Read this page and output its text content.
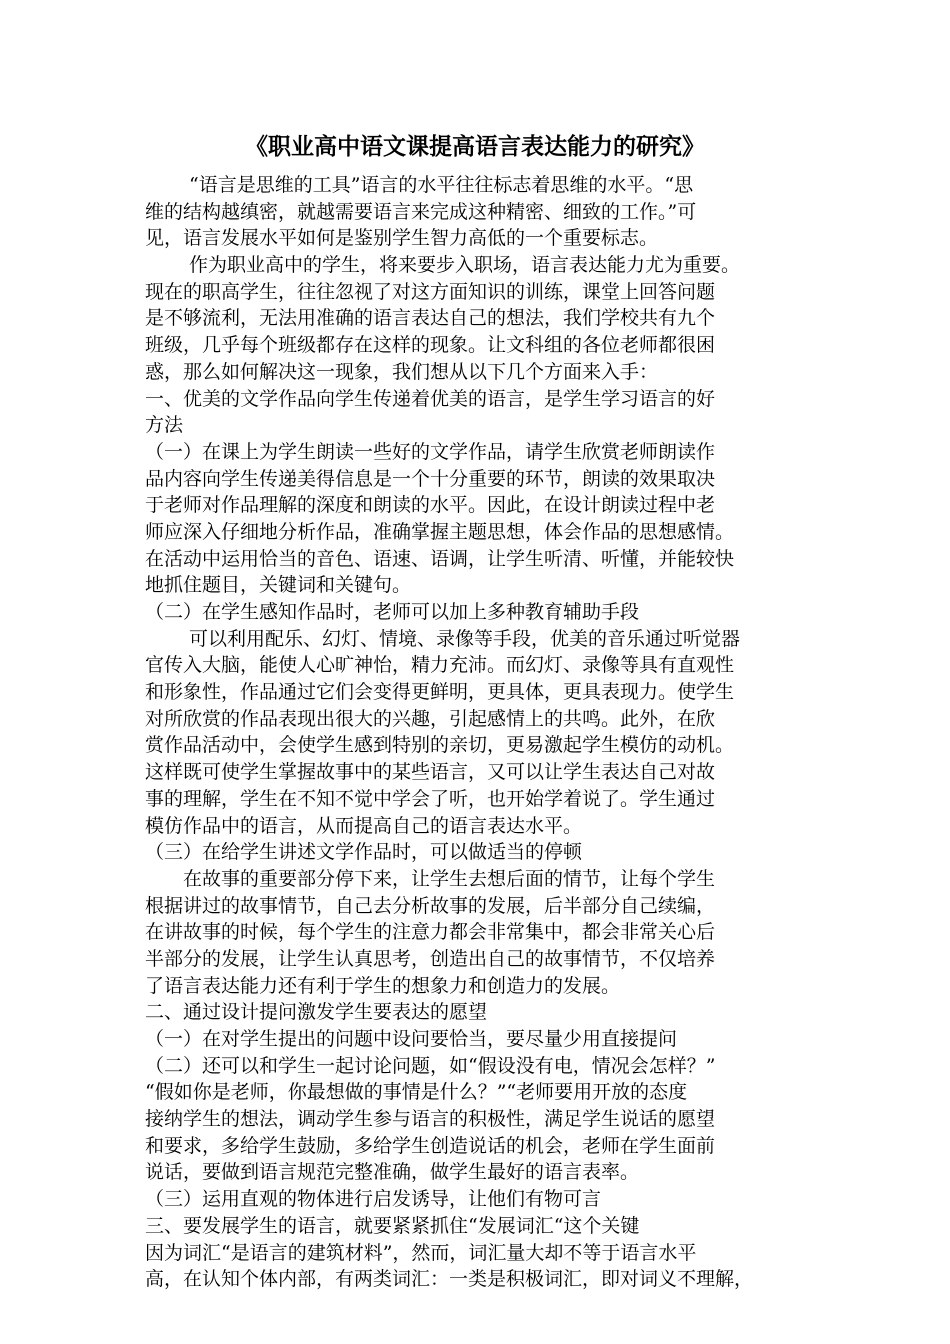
《职业高中语文课提高语言表达能力的研究》
“语言是思维的工具”语言的水平往往标志着思维的水平。“思
维的结构越缜密，就越需要语言来完成这种精密、细致的工作。”可
见，语言发展水平如何是鉴别学生智力高低的一个重要标志。
作为职业高中的学生，将来要步入职场，语言表达能力尤为重要。
现在的职高学生，往往忽视了对这方面知识的训练，课堂上回答问题
是不够流利，无法用准确的语言表达自己的想法，我们学校共有九个
班级，几乎每个班级都存在这样的现象。让文科组的各位老师都很困
惑，那么如何解决这一现象，我们想从以下几个方面来入手：
一、优美的文学作品向学生传递着优美的语言，是学生学习语言的好
方法
（一）在课上为学生朗读一些好的文学作品，请学生欣赏老师朗读作
品内容向学生传递美得信息是一个十分重要的环节，朗读的效果取决
于老师对作品理解的深度和朗读的水平。因此，在设计朗读过程中老
师应深入仔细地分析作品，准确掌握主题思想，体会作品的思想感情。
在活动中运用恰当的音色、语速、语调，让学生听清、听懂，并能较快
地抓住题目，关键词和关键句。
（二）在学生感知作品时，老师可以加上多种教育辅助手段
可以利用配乐、幻灯、情境、录像等手段，优美的音乐通过听觉器
官传入大脑，能使人心旷神怡，精力充沛。而幻灯、录像等具有直观性
和形象性，作品通过它们会变得更鲜明，更具体，更具表现力。使学生
对所欣赏的作品表现出很大的兴趣，引起感情上的共鸣。此外，在欣
赏作品活动中，会使学生感到特别的亲切，更易激起学生模仿的动机。
这样既可使学生掌握故事中的某些语言，又可以让学生表达自己对故
事的理解，学生在不知不觉中学会了听，也开始学着说了。学生通过
模仿作品中的语言，从而提高自己的语言表达水平。
（三）在给学生讲述文学作品时，可以做适当的停顿
在故事的重要部分停下来，让学生去想后面的情节，让每个学生
根据讲过的故事情节，自己去分析故事的发展，后半部分自己续编，
在讲故事的时候，每个学生的注意力都会非常集中，都会非常关心后
半部分的发展，让学生认真思考，创造出自己的故事情节，不仅培养
了语言表达能力还有利于学生的想象力和创造力的发展。
二、通过设计提问激发学生要表达的愿望
（一）在对学生提出的问题中设问要恰当，要尽量少用直接提问
（二）还可以和学生一起讨论问题，如“假设没有电，情况会怎样？”
“假如你是老师，你最想做的事情是什么？”“老师要用开放的态度
接纳学生的想法，调动学生参与语言的积极性，满足学生说话的愿望
和要求，多给学生鼓励，多给学生创造说话的机会，老师在学生面前
说话，要做到语言规范完整准确，做学生最好的语言表率。
（三）运用直观的物体进行启发诱导，让他们有物可言
三、要发展学生的语言，就要紧紧抓住“发展词汇“这个关键
因为词汇“是语言的建筑材料”，然而，词汇量大却不等于语言水平
高，在认知个体内部，有两类词汇：一类是积极词汇，即对词义不理解，
